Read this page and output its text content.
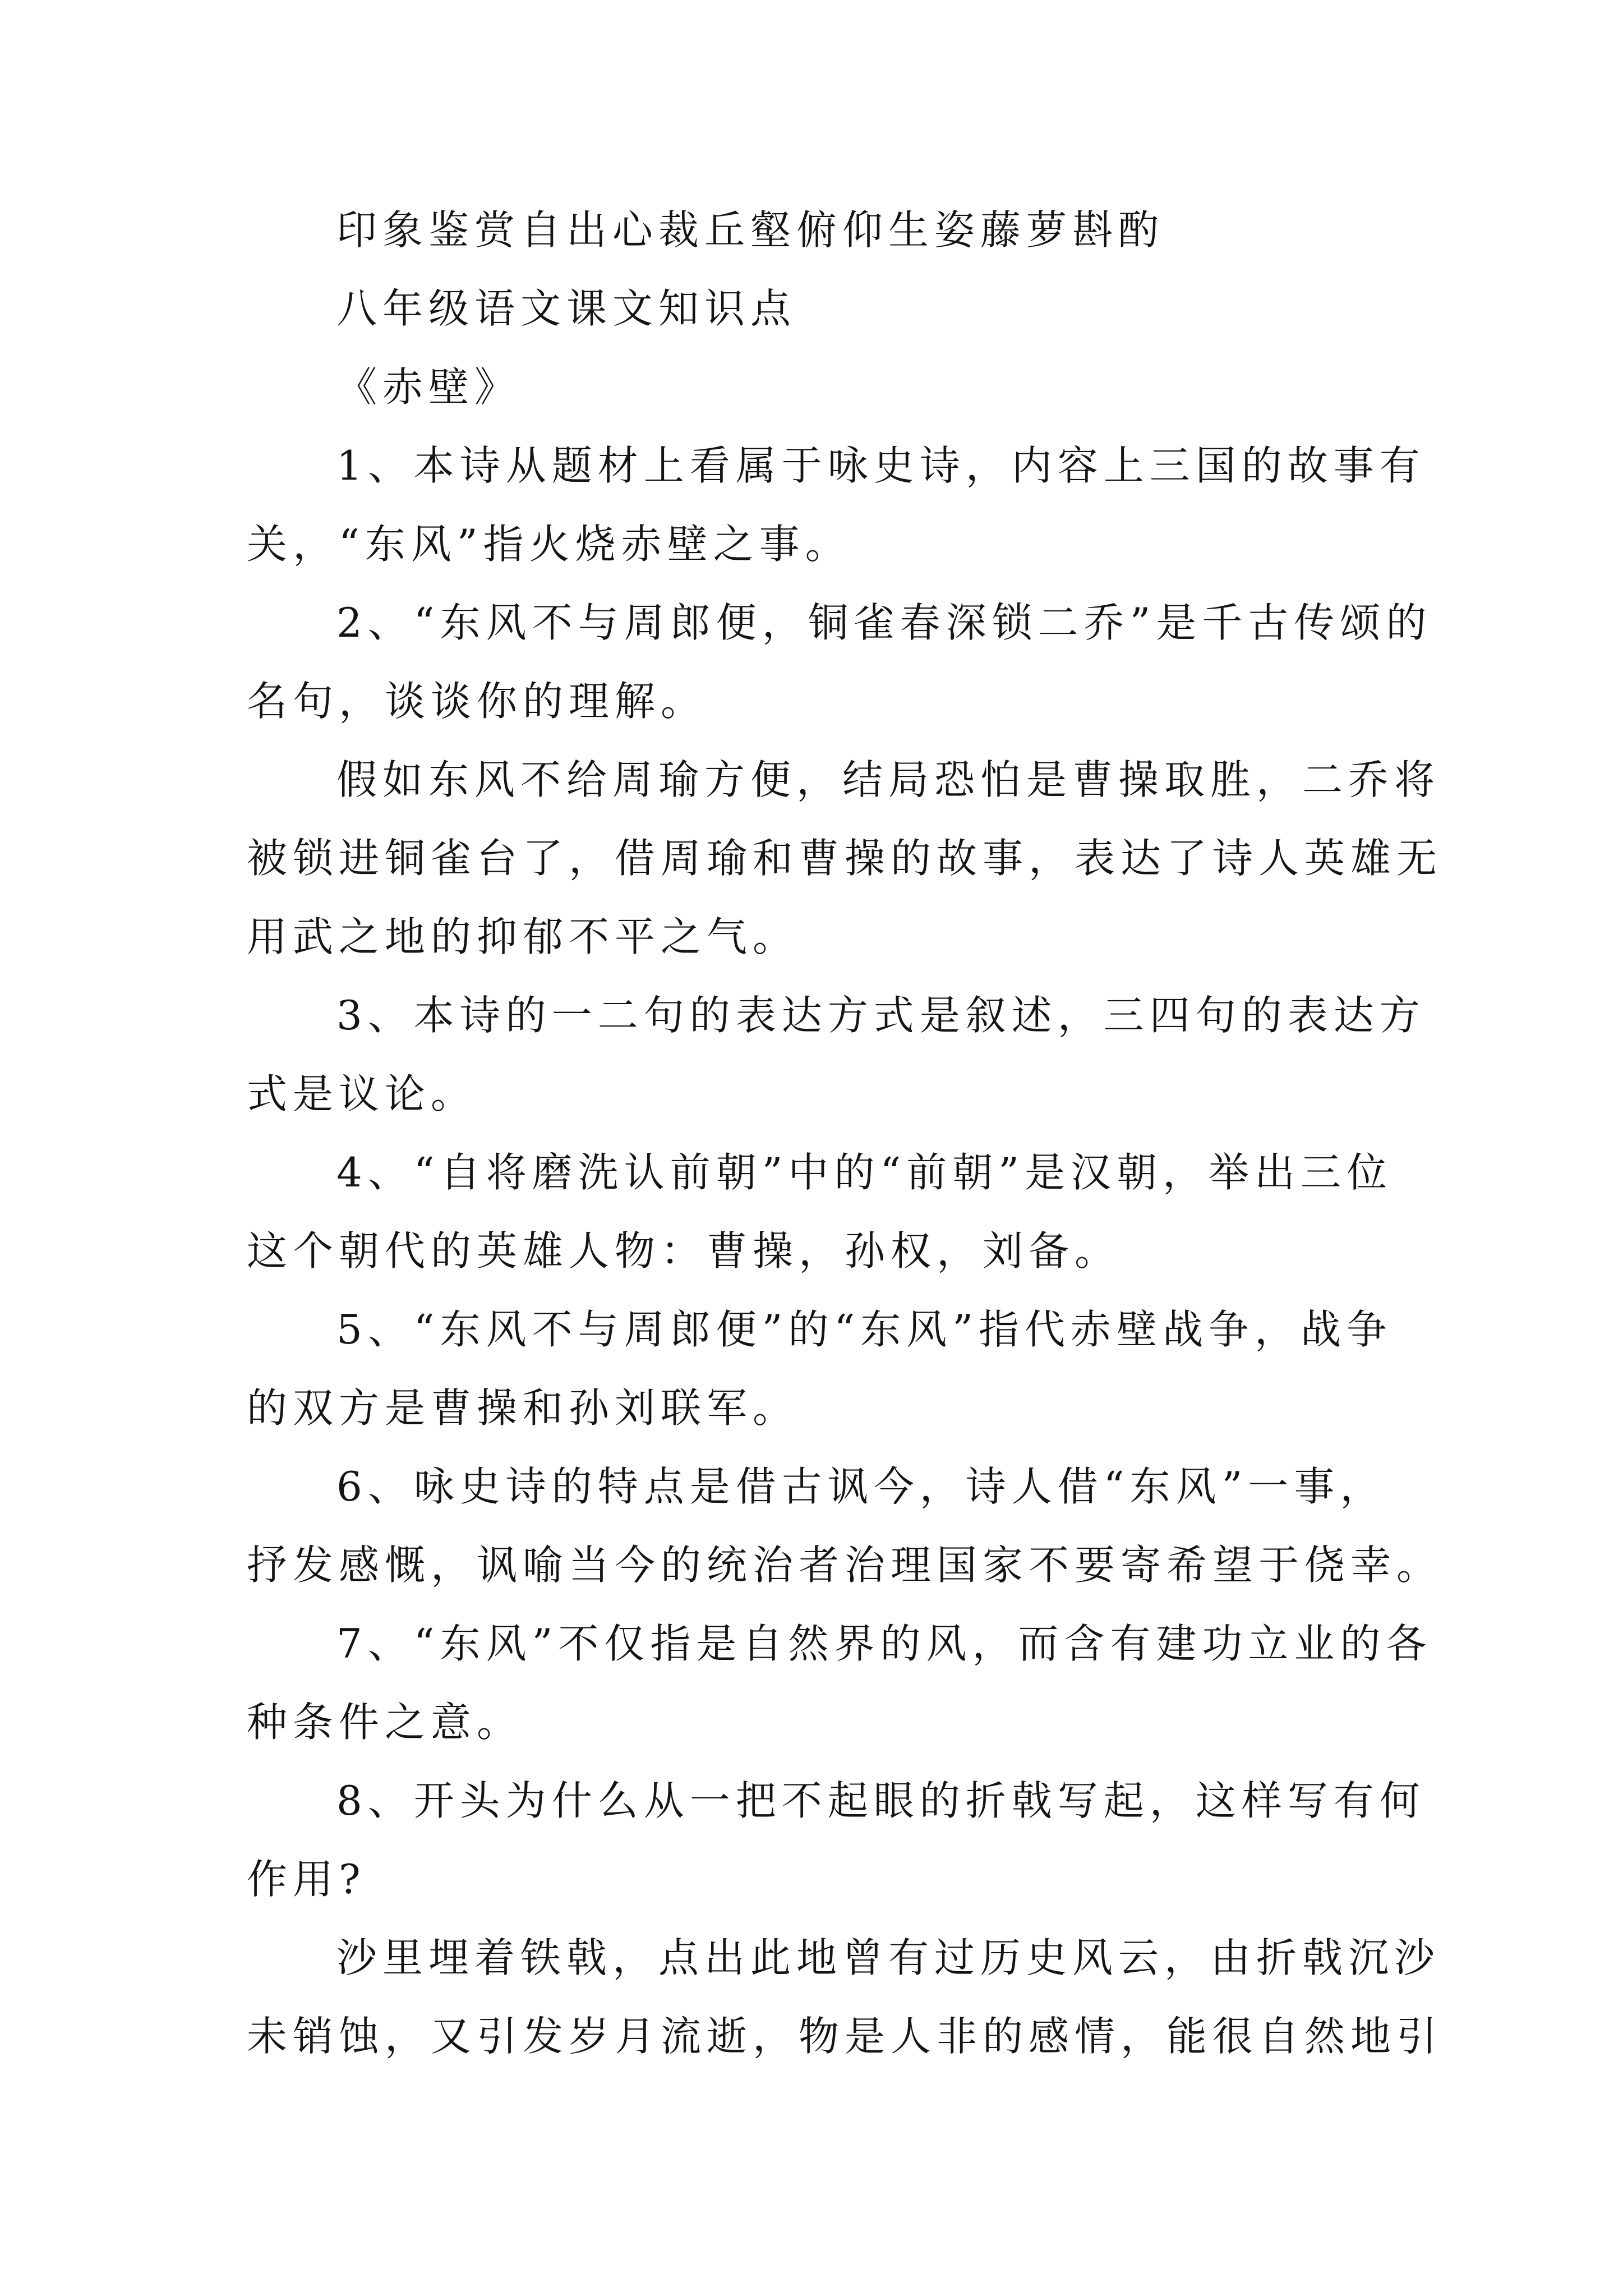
印象鉴赏自出心裁丘壑俯仰生姿藤萝斟酌
八年级语文课文知识点
《赤壁》
1、本诗从题材上看属于咏史诗，内容上三国的故事有
关，“东风”指火烧赤壁之事。
2、“东风不与周郎便，铜雀春深锁二乔”是千古传颂的
名句，谈谈你的理解。
假如东风不给周瑜方便，结局恐怕是曹操取胜，二乔将
被锁进铜雀台了，借周瑜和曹操的故事，表达了诗人英雄无
用武之地的抑郁不平之气。
3、本诗的一二句的表达方式是叙述，三四句的表达方
式是议论。
4、“自将磨洗认前朝”中的“前朝”是汉朝，举出三位
这个朝代的英雄人物：曹操，孙权，刘备。
5、“东风不与周郎便”的“东风”指代赤壁战争，战争
的双方是曹操和孙刘联军。
6、咏史诗的特点是借古讽今，诗人借“东风”一事，
抒发感慨，讽喻当今的统治者治理国家不要寄希望于侥幸。
7、“东风”不仅指是自然界的风，而含有建功立业的各
种条件之意。
8、开头为什么从一把不起眼的折戟写起，这样写有何
作用?
沙里埋着铁戟，点出此地曾有过历史风云，由折戟沉沙
未销蚀，又引发岁月流逝，物是人非的感情，能很自然地引
